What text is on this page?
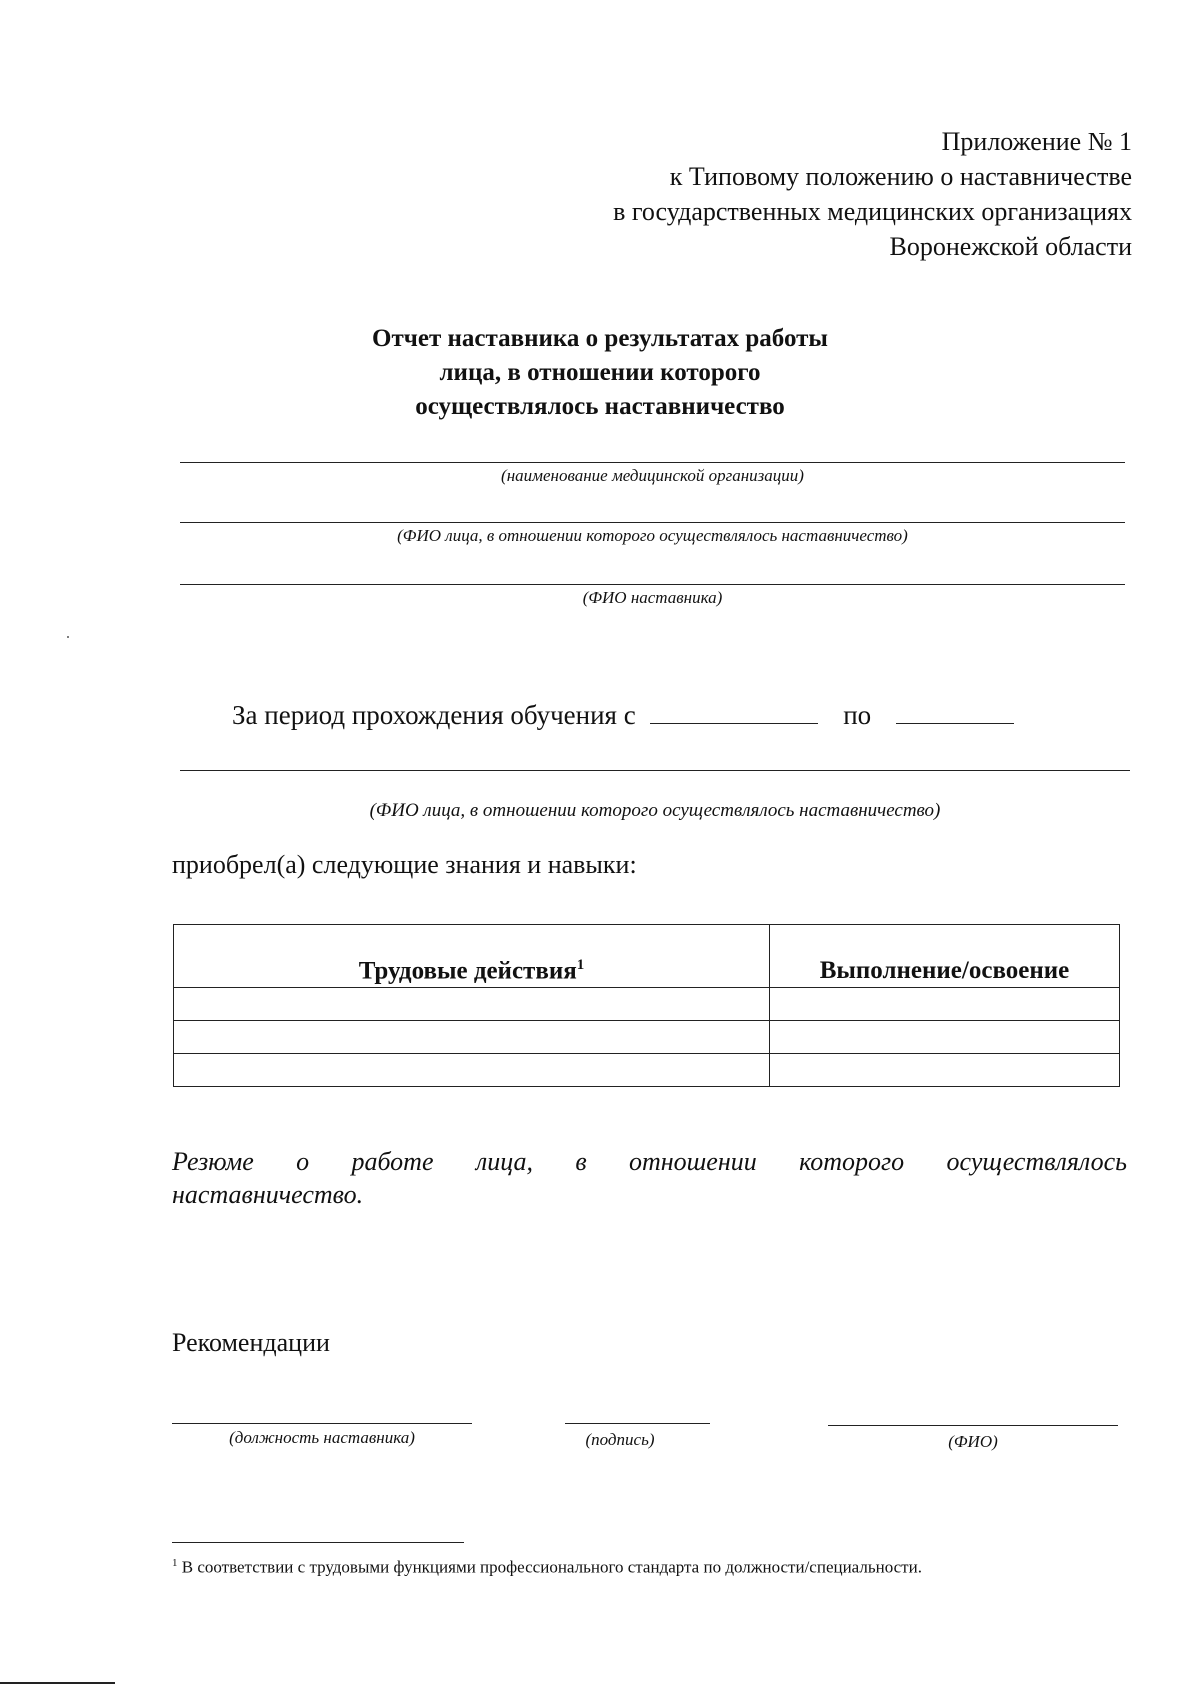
Приложение № 1
к Типовому положению о наставничестве
в государственных медицинских организациях
Воронежской области
Отчет наставника о результатах работы
лица, в отношении которого
осуществлялось наставничество
(наименование медицинской организации)
(ФИО лица, в отношении которого осуществлялось наставничество)
(ФИО наставника)
За период прохождения обучения с	по
(ФИО лица, в отношении которого осуществлялось наставничество)
приобрел(а) следующие знания и навыки:
Трудовые действия$^1$	Выполнение/освоение

Резюме о работе лица, в отношении которого осуществлялось
наставничество.
Рекомендации
(должность наставника)	(подпись)	(ФИО)
$^1$ В соответствии с трудовыми функциями профессионального стандарта по должности/специальности.
